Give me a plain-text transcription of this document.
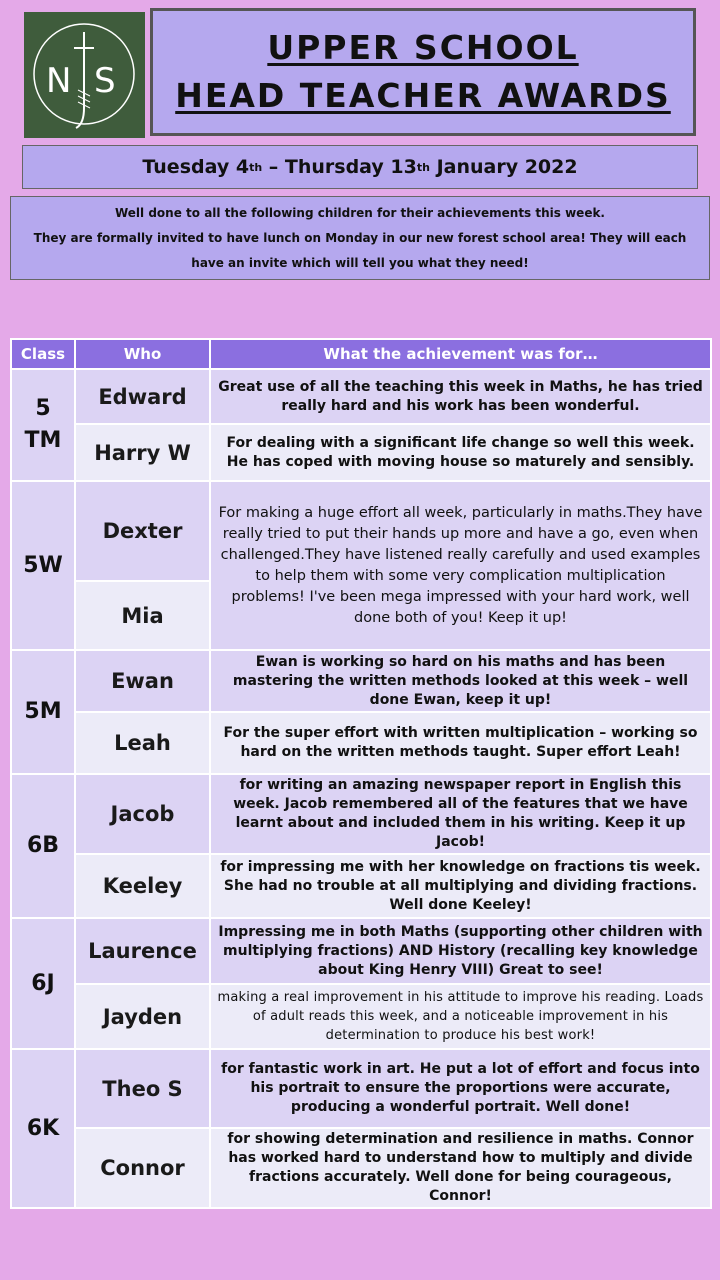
N S
UPPER SCHOOL
HEAD TEACHER AWARDS
Tuesday 4 th – Thursday 13 th January 2022
Well done to all the following children for their achievements this week.
They are formally invited to have lunch on Monday in our new forest school area! They will each
have an invite which will tell you what they need!
Class	Who	What the achievement was for…
5
TM	Edward	Great use of all the teaching this week in Maths, he has tried really hard and his work has been wonderful.
	Harry W	For dealing with a significant life change so well this week. He has coped with moving house so maturely and sensibly.
5W	Dexter	For making a huge effort all week, particularly in maths.They have really tried to put their hands up more and have a go, even when challenged.They have listened really carefully and used examples to help them with some very complication multiplication problems! I've been mega impressed with your hard work, well done both of you! Keep it up!
	Mia	
5M	Ewan	Ewan is working so hard on his maths and has been mastering the written methods looked at this week – well done Ewan, keep it up!
	Leah	For the super effort with written multiplication – working so hard on the written methods taught. Super effort Leah!
6B	Jacob	for writing an amazing newspaper report in English this week. Jacob remembered all of the features that we have learnt about and included them in his writing. Keep it up Jacob!
	Keeley	for impressing me with her knowledge on fractions tis week. She had no trouble at all multiplying and dividing fractions. Well done Keeley!
6J	Laurence	Impressing me in both Maths (supporting other children with multiplying fractions) AND History (recalling key knowledge about King Henry VIII) Great to see!
	Jayden	making a real improvement in his attitude to improve his reading. Loads of adult reads this week, and a noticeable improvement in his determination to produce his best work!
6K	Theo S	for fantastic work in art. He put a lot of effort and focus into his portrait to ensure the proportions were accurate, producing a wonderful portrait. Well done!
	Connor	for showing determination and resilience in maths. Connor has worked hard to understand how to multiply and divide fractions accurately. Well done for being courageous, Connor!
